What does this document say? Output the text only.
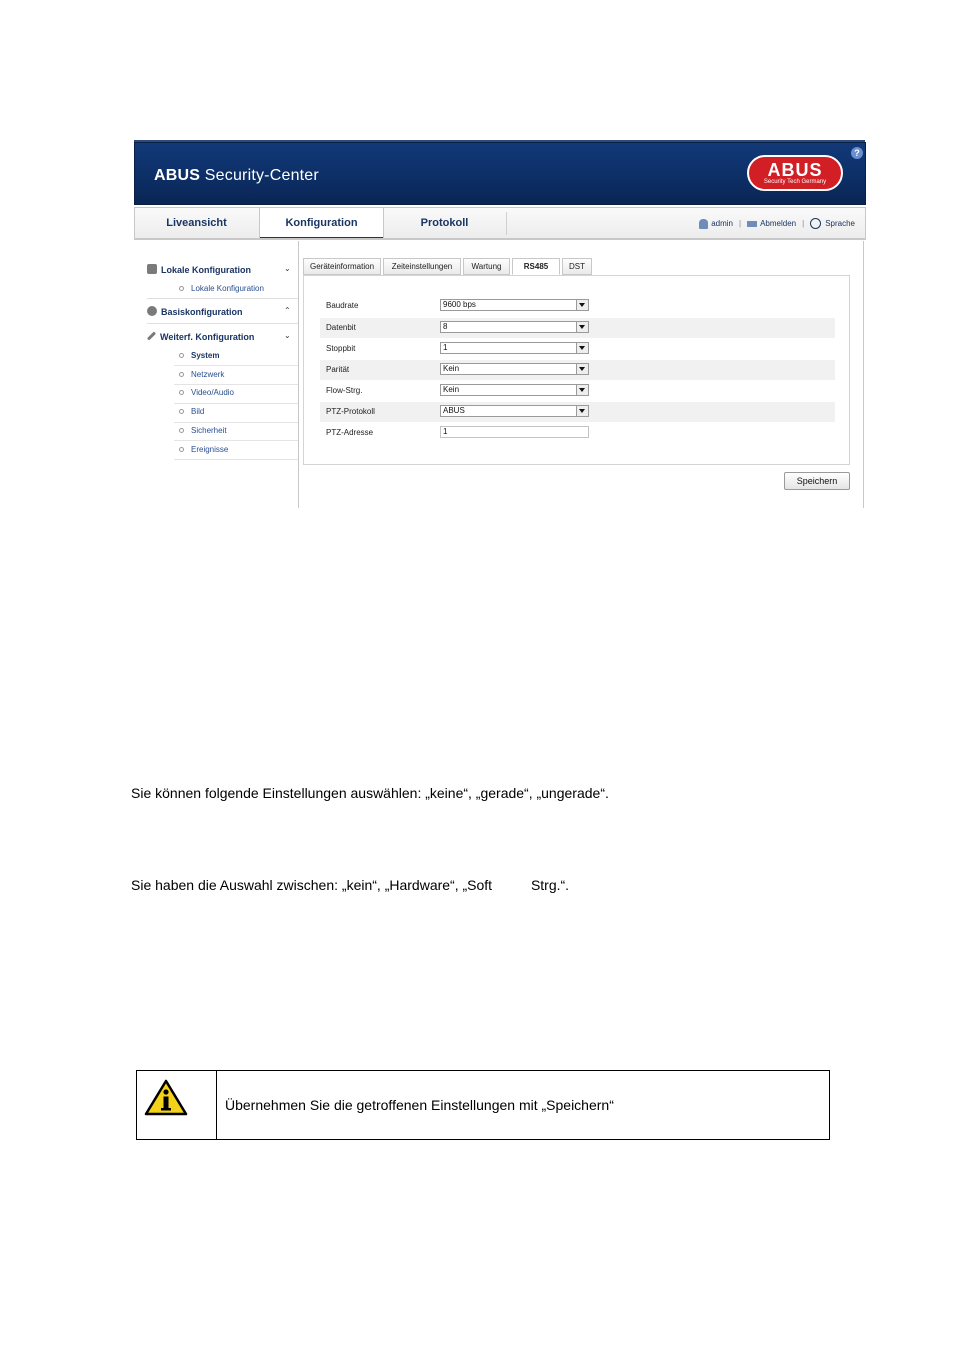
ABUS Security-Center	ABUS
Security Tech Germany
?
Liveansicht	Konfiguration	Protokoll	admin | Abmelden |	Sprache
Lokale Konfiguration	⌄
Lokale Konfiguration
Basiskonfiguration	⌃
Weiterf. Konfiguration	⌄
System
Netzwerk
Video/Audio
Bild
Sicherheit
Ereignisse
Geräteinformation	Zeiteinstellungen	Wartung	RS485	DST
Baudrate	9600 bps
Datenbit	8
Stoppbit	1
Parität	Kein
Flow-Strg.	Kein
PTZ-Protokoll	ABUS
PTZ-Adresse	1
Speichern
Sie können folgende Einstellungen auswählen: „keine“, „gerade“, „ungerade“.
Sie haben die Auswahl zwischen: „kein“, „Hardware“, „Soft          Strg.“.
Übernehmen Sie die getroffenen Einstellungen mit „Speichern“
